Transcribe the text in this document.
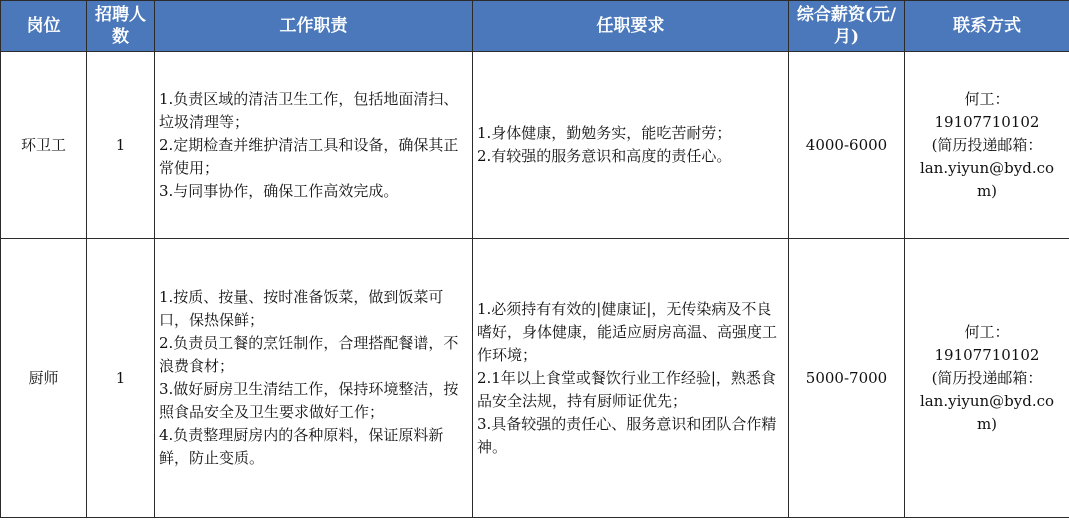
岗位	招聘人数	工作职责	任职要求	综合薪资(元/月)	联系方式
环卫工	1	1.负责区域的清洁卫生工作，包括地面清扫、垃圾清理等；
2.定期检查并维护清洁工具和设备，确保其正常使用；
3.与同事协作，确保工作高效完成。	1.身体健康，勤勉务实，能吃苦耐劳；
2.有较强的服务意识和高度的责任心。	4000-6000	何工：
19107710102
(简历投递邮箱：
lan.yiyun@byd.com)

厨师	1	1.按质、按量、按时准备饭菜，做到饭菜可口，保热保鲜；
2.负责员工餐的烹饪制作，合理搭配餐谱，不浪费食材；
3.做好厨房卫生清结工作，保持环境整洁，按照食品安全及卫生要求做好工作；
4.负责整理厨房内的各种原料，保证原料新鲜，防止变质。	1.必须持有有效的|健康证|，无传染病及不良嗜好，身体健康，能适应厨房高温、高强度工作环境；
2.1年以上食堂或餐饮行业工作经验|，熟悉食品安全法规，持有厨师证优先；
3.具备较强的责任心、服务意识和团队合作精神。	5000-7000	何工：
19107710102
(简历投递邮箱：
lan.yiyun@byd.com)
